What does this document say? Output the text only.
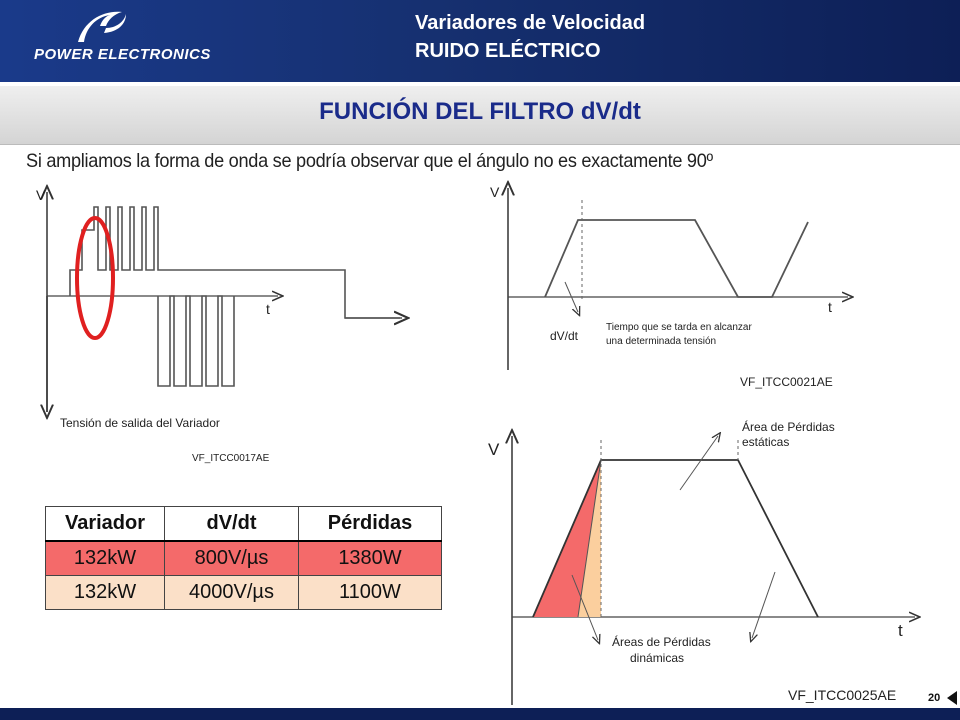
POWER ELECTRONICS
Variadores de Velocidad
RUIDO ELÉCTRICO
FUNCIÓN DEL FILTRO dV/dt
Si ampliamos la forma de onda se podría observar que el ángulo no es exactamente 90º
V
t
Tensión de salida del Variador
VF_ITCC0017AE
V
t
dV/dt
Tiempo que se tarda en alcanzar
una determinada tensión
VF_ITCC0021AE
V
t
Área de Pérdidas
estáticas
Áreas de Pérdidas
dinámicas
VF_ITCC0025AE
Variador	dV/dt	Pérdidas
132kW	800V/µs	1380W
132kW	4000V/µs	1100W
20
